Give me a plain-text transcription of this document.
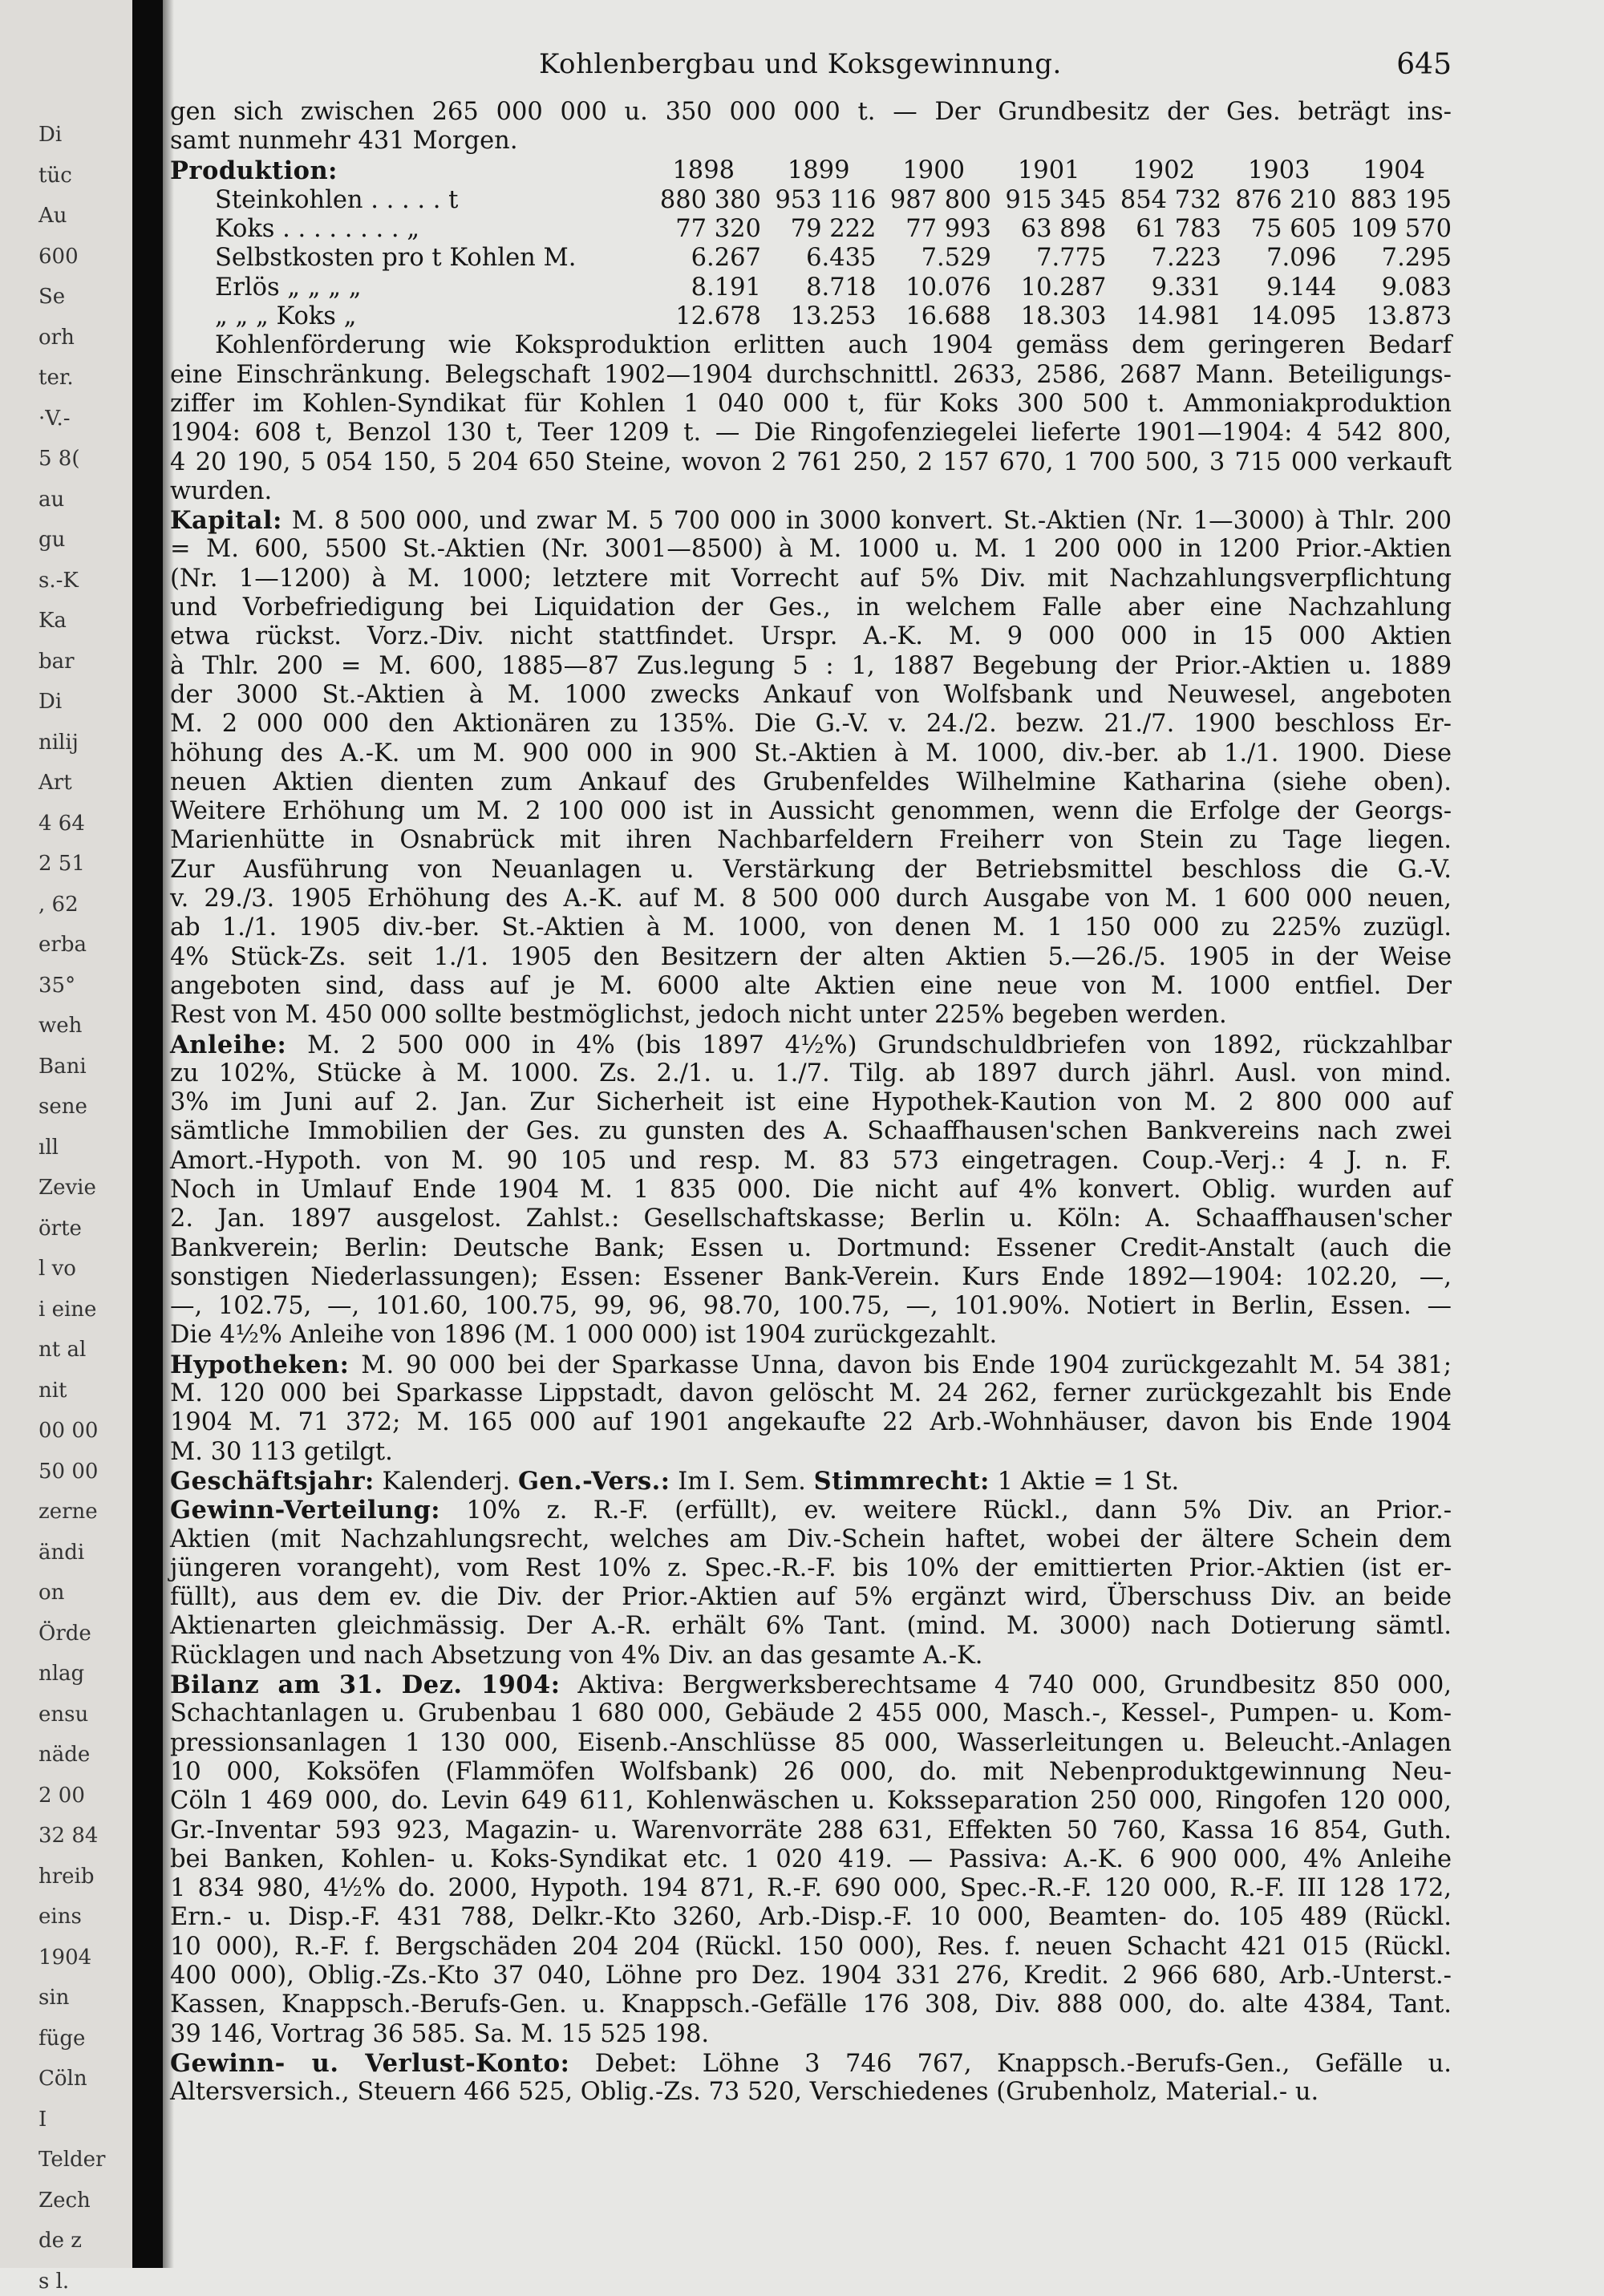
Di
tüc
Au
600
Se
orh
ter.
·V.-
5 8(
au
gu
s.-K
Ka
bar
Di
nilij
Art
4 64
2 51
, 62
erba
35°
weh
Bani
sene
ıll
Zevie
örte
l vo
i eine
nt al
nit
00 00
50 00
zerne
ändi
on
Örde
nlag
ensu
näde
2 00
32 84
hreib
eins
1904
sin
füge
Cöln
I
Telder
Zech
de z
s l.
Kohlenbergbau und Koksgewinnung.	645
gen sich zwischen 265 000 000 u. 350 000 000 t. — Der Grundbesitz der Ges. beträgt ins-
samt nunmehr 431 Morgen.
Produktion:	1898	1899	1900	1901	1902	1903	1904
Steinkohlen . . . . . t	880 380	953 116	987 800	915 345	854 732	876 210	883 195
Koks . . . . . . . . „	77 320	79 222	77 993	63 898	61 783	75 605	109 570
Selbstkosten pro t Kohlen M.	6.267	6.435	7.529	7.775	7.223	7.096	7.295
Erlös „ „ „ „	8.191	8.718	10.076	10.287	9.331	9.144	9.083
„ „ „ Koks „	12.678	13.253	16.688	18.303	14.981	14.095	13.873
Kohlenförderung wie Koksproduktion erlitten auch 1904 gemäss dem geringeren Bedarf
eine Einschränkung. Belegschaft 1902—1904 durchschnittl. 2633, 2586, 2687 Mann. Beteiligungs-
ziffer im Kohlen-Syndikat für Kohlen 1 040 000 t, für Koks 300 500 t. Ammoniakproduktion
1904: 608 t, Benzol 130 t, Teer 1209 t. — Die Ringofenziegelei lieferte 1901—1904: 4 542 800,
4 20 190, 5 054 150, 5 204 650 Steine, wovon 2 761 250, 2 157 670, 1 700 500, 3 715 000 verkauft
wurden.
Kapital: M. 8 500 000, und zwar M. 5 700 000 in 3000 konvert. St.-Aktien (Nr. 1—3000) à Thlr. 200
= M. 600, 5500 St.-Aktien (Nr. 3001—8500) à M. 1000 u. M. 1 200 000 in 1200 Prior.-Aktien
(Nr. 1—1200) à M. 1000; letztere mit Vorrecht auf 5% Div. mit Nachzahlungsverpflichtung
und Vorbefriedigung bei Liquidation der Ges., in welchem Falle aber eine Nachzahlung
etwa rückst. Vorz.-Div. nicht stattfindet. Urspr. A.-K. M. 9 000 000 in 15 000 Aktien
à Thlr. 200 = M. 600, 1885—87 Zus.legung 5 : 1, 1887 Begebung der Prior.-Aktien u. 1889
der 3000 St.-Aktien à M. 1000 zwecks Ankauf von Wolfsbank und Neuwesel, angeboten
M. 2 000 000 den Aktionären zu 135%. Die G.-V. v. 24./2. bezw. 21./7. 1900 beschloss Er-
höhung des A.-K. um M. 900 000 in 900 St.-Aktien à M. 1000, div.-ber. ab 1./1. 1900. Diese
neuen Aktien dienten zum Ankauf des Grubenfeldes Wilhelmine Katharina (siehe oben).
Weitere Erhöhung um M. 2 100 000 ist in Aussicht genommen, wenn die Erfolge der Georgs-
Marienhütte in Osnabrück mit ihren Nachbarfeldern Freiherr von Stein zu Tage liegen.
Zur Ausführung von Neuanlagen u. Verstärkung der Betriebsmittel beschloss die G.-V.
v. 29./3. 1905 Erhöhung des A.-K. auf M. 8 500 000 durch Ausgabe von M. 1 600 000 neuen,
ab 1./1. 1905 div.-ber. St.-Aktien à M. 1000, von denen M. 1 150 000 zu 225% zuzügl.
4% Stück-Zs. seit 1./1. 1905 den Besitzern der alten Aktien 5.—26./5. 1905 in der Weise
angeboten sind, dass auf je M. 6000 alte Aktien eine neue von M. 1000 entfiel. Der
Rest von M. 450 000 sollte bestmöglichst, jedoch nicht unter 225% begeben werden.
Anleihe: M. 2 500 000 in 4% (bis 1897 4½%) Grundschuldbriefen von 1892, rückzahlbar
zu 102%, Stücke à M. 1000. Zs. 2./1. u. 1./7. Tilg. ab 1897 durch jährl. Ausl. von mind.
3% im Juni auf 2. Jan. Zur Sicherheit ist eine Hypothek-Kaution von M. 2 800 000 auf
sämtliche Immobilien der Ges. zu gunsten des A. Schaaffhausen'schen Bankvereins nach zwei
Amort.-Hypoth. von M. 90 105 und resp. M. 83 573 eingetragen. Coup.-Verj.: 4 J. n. F.
Noch in Umlauf Ende 1904 M. 1 835 000. Die nicht auf 4% konvert. Oblig. wurden auf
2. Jan. 1897 ausgelost. Zahlst.: Gesellschaftskasse; Berlin u. Köln: A. Schaaffhausen'scher
Bankverein; Berlin: Deutsche Bank; Essen u. Dortmund: Essener Credit-Anstalt (auch die
sonstigen Niederlassungen); Essen: Essener Bank-Verein. Kurs Ende 1892—1904: 102.20, —,
—, 102.75, —, 101.60, 100.75, 99, 96, 98.70, 100.75, —, 101.90%. Notiert in Berlin, Essen. —
Die 4½% Anleihe von 1896 (M. 1 000 000) ist 1904 zurückgezahlt.
Hypotheken: M. 90 000 bei der Sparkasse Unna, davon bis Ende 1904 zurückgezahlt M. 54 381;
M. 120 000 bei Sparkasse Lippstadt, davon gelöscht M. 24 262, ferner zurückgezahlt bis Ende
1904 M. 71 372; M. 165 000 auf 1901 angekaufte 22 Arb.-Wohnhäuser, davon bis Ende 1904
M. 30 113 getilgt.
Geschäftsjahr: Kalenderj. Gen.-Vers.: Im I. Sem. Stimmrecht: 1 Aktie = 1 St.
Gewinn-Verteilung: 10% z. R.-F. (erfüllt), ev. weitere Rückl., dann 5% Div. an Prior.-
Aktien (mit Nachzahlungsrecht, welches am Div.-Schein haftet, wobei der ältere Schein dem
jüngeren vorangeht), vom Rest 10% z. Spec.-R.-F. bis 10% der emittierten Prior.-Aktien (ist er-
füllt), aus dem ev. die Div. der Prior.-Aktien auf 5% ergänzt wird, Überschuss Div. an beide
Aktienarten gleichmässig. Der A.-R. erhält 6% Tant. (mind. M. 3000) nach Dotierung sämtl.
Rücklagen und nach Absetzung von 4% Div. an das gesamte A.-K.
Bilanz am 31. Dez. 1904: Aktiva: Bergwerksberechtsame 4 740 000, Grundbesitz 850 000,
Schachtanlagen u. Grubenbau 1 680 000, Gebäude 2 455 000, Masch.-, Kessel-, Pumpen- u. Kom-
pressionsanlagen 1 130 000, Eisenb.-Anschlüsse 85 000, Wasserleitungen u. Beleucht.-Anlagen
10 000, Koksöfen (Flammöfen Wolfsbank) 26 000, do. mit Nebenproduktgewinnung Neu-
Cöln 1 469 000, do. Levin 649 611, Kohlenwäschen u. Koksseparation 250 000, Ringofen 120 000,
Gr.-Inventar 593 923, Magazin- u. Warenvorräte 288 631, Effekten 50 760, Kassa 16 854, Guth.
bei Banken, Kohlen- u. Koks-Syndikat etc. 1 020 419. — Passiva: A.-K. 6 900 000, 4% Anleihe
1 834 980, 4½% do. 2000, Hypoth. 194 871, R.-F. 690 000, Spec.-R.-F. 120 000, R.-F. III 128 172,
Ern.- u. Disp.-F. 431 788, Delkr.-Kto 3260, Arb.-Disp.-F. 10 000, Beamten- do. 105 489 (Rückl.
10 000), R.-F. f. Bergschäden 204 204 (Rückl. 150 000), Res. f. neuen Schacht 421 015 (Rückl.
400 000), Oblig.-Zs.-Kto 37 040, Löhne pro Dez. 1904 331 276, Kredit. 2 966 680, Arb.-Unterst.-
Kassen, Knappsch.-Berufs-Gen. u. Knappsch.-Gefälle 176 308, Div. 888 000, do. alte 4384, Tant.
39 146, Vortrag 36 585. Sa. M. 15 525 198.
Gewinn- u. Verlust-Konto: Debet: Löhne 3 746 767, Knappsch.-Berufs-Gen., Gefälle u.
Altersversich., Steuern 466 525, Oblig.-Zs. 73 520, Verschiedenes (Grubenholz, Material.- u.
